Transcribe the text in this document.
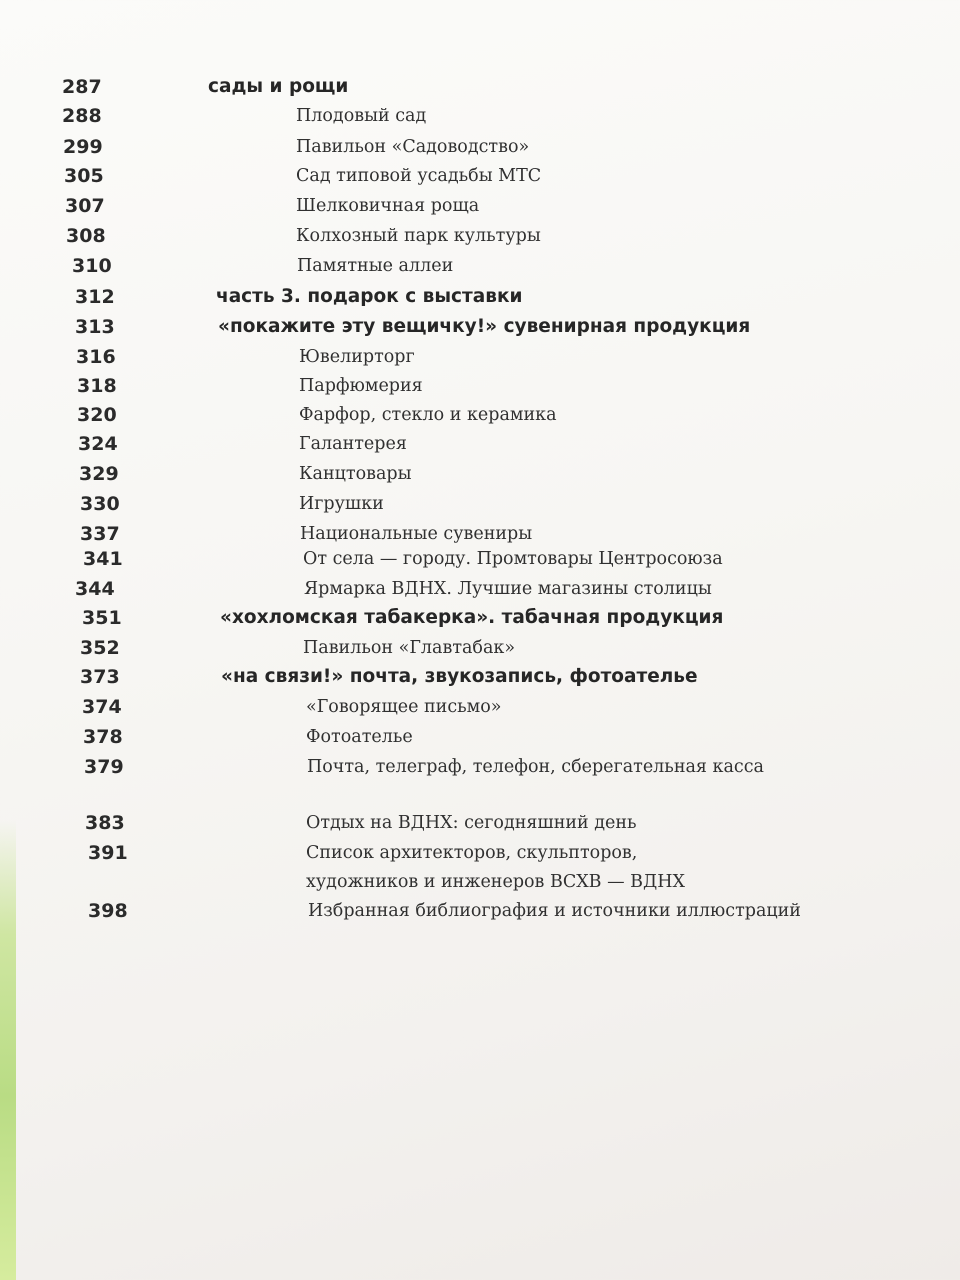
287	сады и рощи
288	Плодовый сад
299	Павильон «Садоводство»
305	Сад типовой усадьбы МТС
307	Шелковичная роща
308	Колхозный парк культуры
310	Памятные аллеи
312	часть 3. подарок с выставки
313	«покажите эту вещичку!» сувенирная продукция
316	Ювелирторг
318	Парфюмерия
320	Фарфор, стекло и керамика
324	Галантерея
329	Канцтовары
330	Игрушки
337	Национальные сувениры
341	От села — городу. Промтовары Центросоюза
344	Ярмарка ВДНХ. Лучшие магазины столицы
351	«хохломская табакерка». табачная продукция
352	Павильон «Главтабак»
373	«на связи!» почта, звукозапись, фотоателье
374	«Говорящее письмо»
378	Фотоателье
379	Почта, телеграф, телефон, сберегательная касса
383	Отдых на ВДНХ: сегодняшний день
391	Список архитекторов, скульпторов,
художников и инженеров ВСХВ — ВДНХ
398	Избранная библиография и источники иллюстраций
